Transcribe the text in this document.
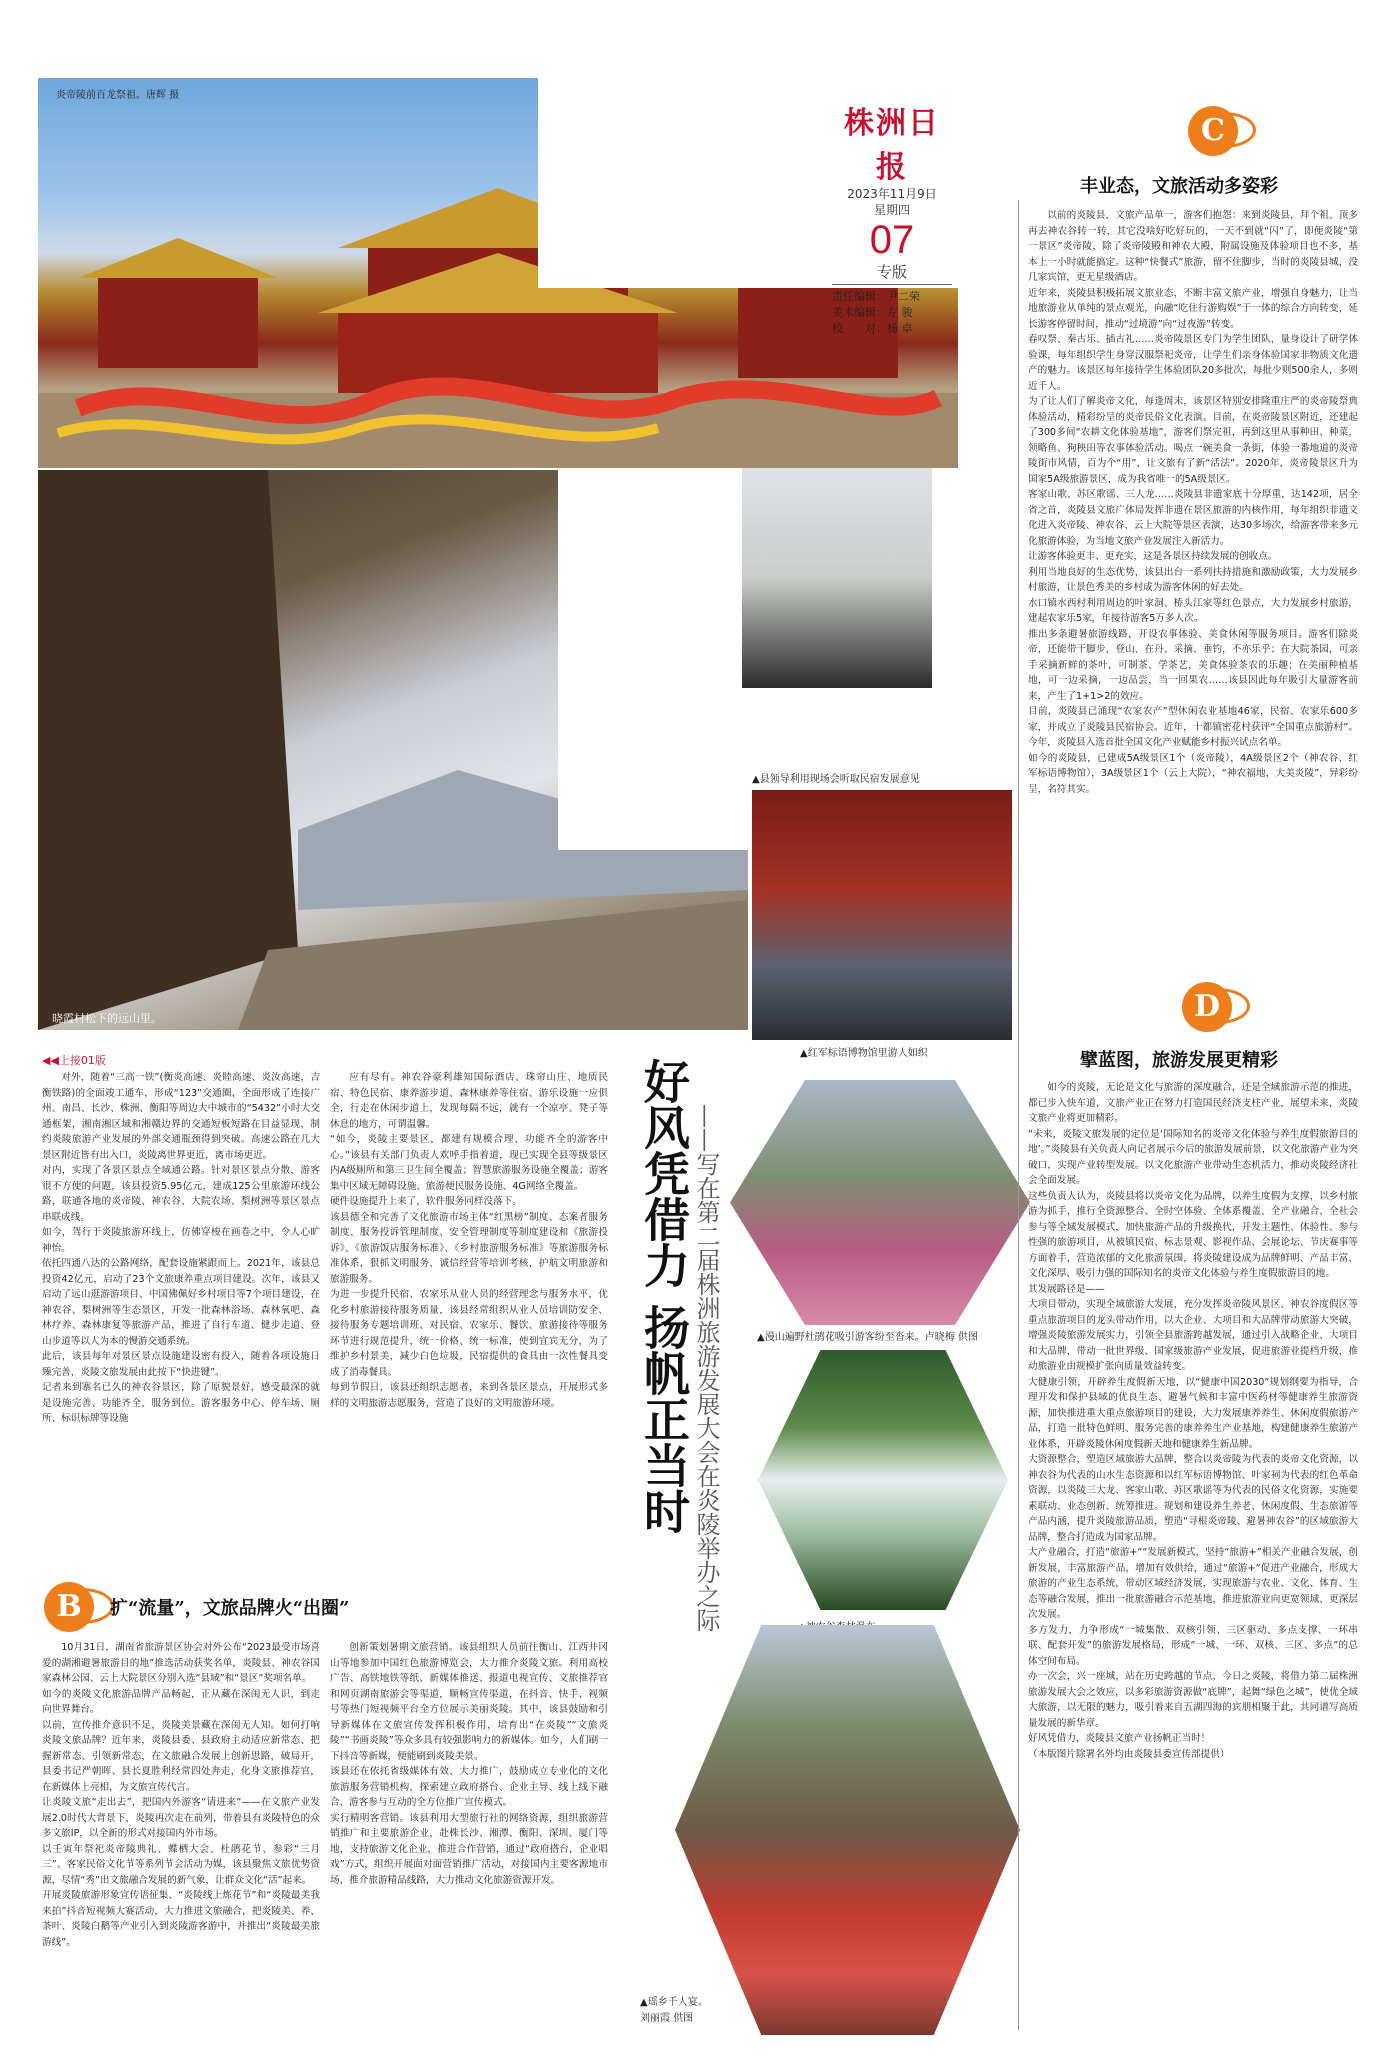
炎帝陵前百龙祭祖。唐辉 摄
株洲日报
2023年11月9日
星期四
07
专版
责任编辑：尹二荣
美术编辑：左 骏
校　　对：杨 卓
晓霞村松下的远山里。
▲县领导利用现场会听取民宿发展意见
▲红军标语博物馆里游人如织
▲漫山遍野杜鹃花吸引游客纷至沓来。卢晓梅 供图
▲瑶乡千人宴。
刘丽霞 供图
C
丰业态，文旅活动多姿彩
以前的炎陵县，文旅产品单一，游客们抱怨：来到炎陵县，拜个祖、顶多再去神农谷转一转，其它没啥好吃好玩的，一天不到就“闪”了，即便炎陵“第一景区”炎帝陵，除了炎帝陵殿和神农大殿，附属设施及体验项目也不多，基本上一小时就能搞定。这种“快餐式”旅游，留不住脚步，当时的炎陵县城，没几家宾馆，更无星级酒店。
近年来，炎陵县积极拓展文旅业态，不断丰富文旅产业，增强自身魅力，让当地旅游业从单纯的景点观光，向融“吃住行游购娱”于一体的综合方向转变，延长游客停留时间，推动“过境游”向“过夜游”转变。
春叹祭、秦古乐、插古礼……炎帝陵景区专门为学生团队，量身设计了研学体验课，每年组织学生身穿汉服祭祀炎帝，让学生们亲身体验国家非物质文化遗产的魅力。该景区每年接待学生体验团队20多批次，每批少则500余人，多则近千人。
为了让人们了解炎帝文化，每逢周末，该景区特别安排隆重庄严的炎帝陵祭典体验活动，精彩纷呈的炎帝民俗文化表演。目前，在炎帝陵景区附近，还建起了300多间“农耕文化体验基地”，游客们祭完祖，再到这里从事种田、种菜，领略鱼、狗秧田等农事体验活动。喝点一碗美食一条街，体验一番地道的炎帝陵街市风情，百为个“用”，让文旅有了新“活法”。2020年，炎帝陵景区升为国家5A级旅游景区，成为我省唯一的5A级景区。
客家山歌、苏区歌谣、三人龙……炎陵县非遗家底十分厚重，达142项，居全省之首，炎陵县文旅广体局发挥非遗在景区旅游的内核作用，每年组织非遗文化进入炎帝陵、神农谷、云上大院等景区表演，达30多场次，给游客带来多元化旅游体验，为当地文旅产业发展注入新活力。
让游客体验更丰、更充实，这是各景区持续发展的创收点。
利用当地良好的生态优势，该县出台一系列扶持措施和激励政策，大力发展乡村旅游，让景色秀美的乡村成为游客休闲的好去处。
水口镇水西村利用周边的叶家洞、桥头江家等红色景点，大力发展乡村旅游，建起农家乐5家，年接待游客5万多人次。
推出多条避暑旅游线路，开设农事体验、美食休闲等服务项目。游客们除炎帝，还能带干脚步，登山、在丹、采摘、垂钓，不亦乐乎；在大院茶园，可亲手采摘新鲜的茶叶，可制茶、学茶艺，美食体验茶农的乐趣；在美丽种植基地，可一边采摘，一边品尝，当一回果农……该县因此每年吸引大量游客前来，产生了1+1>2的效应。
目前，炎陵县已涌现“农家农产”型休闲农业基地46家，民宿、农家乐600多家，并成立了炎陵县民宿协会。近年，十都镇密花村获评“全国重点旅游村”。今年，炎陵县入选首批全国文化产业赋能乡村振兴试点名单。
如今的炎陵县，已建成5A级景区1个（炎帝陵），4A级景区2个（神农谷、红军标语博物馆），3A级景区1个（云上大院），“神农福地，大美炎陵”，异彩纷呈，名符其实。
D
擘蓝图，旅游发展更精彩
如今的炎陵，无论是文化与旅游的深度融合，还是全域旅游示范的推进，都已步入快车道，文旅产业正在努力打造国民经济支柱产业，展望未来，炎陵文旅产业将更加精彩。
“未来，炎陵文旅发展的定位是‘国际知名的炎帝文化体验与养生度假旅游目的地’。”炎陵县有关负责人向记者展示今后的旅游发展前景，以文化旅游产业为突破口，实现产业转型发展。以文化旅游产业带动生态机活力，推动炎陵经济社会全面发展。
这些负责人认为，炎陵县将以炎帝文化为品牌，以养生度假为支撑，以乡村旅游为抓手，推行全资源整合、全时空体验、全体系覆盖、全产业融合、全社会参与等全域发展模式，加快旅游产品的升级换代，开发主题性、体验性、参与性强的旅游项目，从被镇民宿、标志景观、影视作品、会展论坛、节庆赛事等方面着手，营造浓郁的文化旅游氛围，将炎陵建设成为品牌鲜明、产品丰富、文化深厚、吸引力强的国际知名的炎帝文化体验与养生度假旅游目的地。
其发展路径是——
大项目带动，实现全域旅游大发展，充分发挥炎帝陵风景区、神农谷度假区等重点旅游项目的龙头带动作用，以大企业、大项目和大品牌带动旅游大突破，增强炎陵旅游发展实力，引领全县旅游跨越发展，通过引入战略企业、大项目和大品牌，带动一批世界级、国家级旅游产业发展，促进旅游业提档升级，推动旅游业由规模扩张向质量效益转变。
大健康引领，开辟养生度假新天地，以“健康中国2030”规划纲要为指导，合理开发和保护县域的优良生态、避暑气候和丰富中医药材等健康养生旅游资源，加快推进重大重点旅游项目的建设，大力发展康养养生、休闲度假旅游产品，打造一批特色鲜明、服务完善的康养养生产业基地，构建健康养生旅游产业体系，开辟炎陵休闲度假新天地和健康养生新品牌。
大资源整合，塑造区域旅游大品牌，整合以炎帝陵为代表的炎帝文化资源，以神农谷为代表的山水生态资源和以红军标语博物馆、叶家祠为代表的红色革命资源，以炎陵三大龙、客家山歌、苏区歌谣等为代表的民俗文化资源，实施要素联动、业态创新、统筹推进。规划和建设养生养老、休闲度假、生态旅游等产品内涵，提升炎陵旅游品质，塑造“寻根炎帝陵、避暑神农谷”的区域旅游大品牌，整合打造成为国家品牌。
大产业融合，打造“旅游+”“发展新模式，坚持“旅游+”相关产业融合发展，创新发展，丰富旅游产品，增加有效供给，通过“旅游+”促进产业融合，形成大旅游的产业生态系统，带动区域经济发展，实现旅游与农业、文化、体育、生态等融合发展，推出一批旅游融合示范基地，推进旅游业向更宽领域、更深层次发展。
多方发力，力争形成“一城集散、双核引领、三区驱动、多点支撑、一环串联、配套开发”的旅游发展格局，形成“一城、一环、双核、三区、多点”的总体空间布局。
办一次会，兴一座城，站在历史跨越的节点，今日之炎陵，将借力第二届株洲旅游发展大会之效应，以多彩旅游资源做“底牌”，起舞“绿色之城”，使优全域大旅游，以无限的魅力，吸引着来自五湖四海的宾朋相聚于此，共同谱写高质量发展的新华章。
好风凭借力，炎陵县文旅产业扬帆正当时！
（本版图片除署名外均由炎陵县委宣传部提供）
好风凭借力 扬帆正当时 ——写在第二届株洲旅游发展大会在炎陵举办之际
◀◀上接01版
对外，随着“三高一铁”(衡炎高速、炎睦高速、炎汝高速，吉衡铁路)的全面竣工通车，形成“123”交通圈，全面形成了连接广州、南昌、长沙、株洲、衡阳等周边大中城市的“5432”小时大交通框架，湘南湘区域和湘赣边界的交通短板短路在目益显现，制约炎陵旅游产业发展的外部交通瓶颈得到突破。高速公路在几大景区附近皆有出入口，炎陵离世界更近，离市场更近。
对内，实现了各景区景点全域通公路。针对景区景点分散，游客很不方便的问题，该县投资5.95亿元，建成125公里旅游环线公路，联通各地的炎帝陵、神农谷、大院农场、梨树洲等景区景点串联成线。
如今，驾行于炎陵旅游环线上，仿佛穿梭在画卷之中，令人心旷神怡。
依托四通八达的公路网络，配套设施紧跟而上。2021年，该县总投资42亿元，启动了23个文旅康养重点项目建设。次年，该县又启动了远山逛游游项目、中国佛佩好乡村项目等7个项目建设，在神农谷、梨树洲等生态景区，开发一批森林浴场、森林氧吧、森林疗养、森林康复等旅游产品，推进了自行车道、健步走道、登山步道等以人为本的慢游交通系统。
此后，该县每年对景区景点设施建设密有投入，随着各项设施日臻完善，炎陵文旅发展由此按下“快进键”。
记者来到寨名已久的神农谷景区，除了原貌景好，感受最深的就是设施完善、功能齐全，服务到位。游客服务中心、停车场、厕所、标识标牌等设施
应有尽有。神农谷豪利雄知国际酒店、珠帘山庄、地质民宿、特色民宿、康养游步道、森林康养等住宿、游乐设施一应俱全，行走在休闲步道上，发现每隔不远，就有一个凉亭、凳子等休息的地方，可谓温馨。
“如今，炎陵主要景区，都建有规模合理、功能齐全的游客中心。”该县有关部门负责人欢呼手指着道，现已实现全县等级景区内A级厕所和第三卫生间全覆盖；智慧旅游服务设施全覆盖；游客集中区域无障碍设施、旅游便民服务设施、4G网络全覆盖。
硬件设施提升上来了，软件服务同样没落下。
该县德全和完善了文化旅游市场主体“红黑榜”制度、态案者服务制度、服务投诉管理制度、安全管理制度等制度建设和《旅游投诉》、《旅游饭店服务标准》、《乡村旅游服务标准》等旅游服务标准体系，狠抓文明服务、诚信经营等培训考核，护航文明旅游和旅游服务。
为进一步提升民宿、农家乐从业人员的经营理念与服务水平，优化乡村旅游接待服务质量，该县经常组织从业人员培训防安全、接待服务专题培训班、对民宿、农家乐、餐饮、旅游接待等服务环节进行规范提升，统一价格、统一标准，使到宜宾无分，为了维护乡村景美，减少白色垃圾，民宿提供的食具由一次性餐具变成了消毒餐具。
每到节假日，该县还组织志愿者，来到各景区景点，开展形式多样的文明旅游志愿服务，营造了良好的文明旅游环境。
B	扩“流量”，文旅品牌火“出圈”
10月31日，湖南省旅游景区协会对外公布“2023最受市场喜爱的湖湘避暑旅游目的地”推选活动获奖名单，炎陵县、神农谷国家森林公园、云上大院景区分别入选“县域”和“景区”奖项名单。
如今的炎陵文化旅游品牌产品畅起，正从藏在深闺无人识，到走向世界舞台。
以前，宣传推介意识不足，炎陵美景藏在深闺无人知。如何打响炎陵文旅品牌？近年来，炎陵县委、县政府主动适应新常态、把握新常态、引领新常态，在文旅融合发展上创新思路，破局开，县委书记严朝晖、县长夏胜利经常四处奔走，化身文旅推荐官，在新媒体上亮相，为文旅宣传代言。
让炎陵文旅“走出去”，把国内外游客“请进来”——在文旅产业发展2.0时代大背景下，炎陵再次走在前列，带着县有炎陵特色的众多文旅IP，以全新的形式对接国内外市场。
以壬寅年祭祀炎帝陵典礼、蝶栖大会、杜鹃花节、参彩“三月三”、客家民俗文化节等系列节会活动为媒，该县聚焦文旅优势资源，尽情“秀”出文旅融合发展的新气象，让群众文化“活”起来。
开展炎陵旅游形象宣传语征集、“炎陵线上炼花节”和“炎陵最美我来拍”抖音短视频大赛活动，大力推进文旅融合，把炎陵美、养、茶叶、炎陵白鹅等产业引入到炎陵游客游中，并推出“炎陵最美旅游线”。
创新策划暑期文旅营销。该县组织人员前往衡山、江西井冈山等地参加中国红色旅游博览会，大力推介炎陵文旅。利用高校广告、高铁地铁等纸、新媒体推送、报道电视宣传、文旅推荐官和网页湖南旅游会等渠道，顺畅宣传渠道，在抖音、快手、视频号等热门短视频平台全方位展示美丽炎陵。其中，该县鼓励和引导新媒体在文旅宣传发挥积极作用，培育出“在炎陵”“文旅炎陵”“书画炎陵”等众多具有较强影响力的新媒体。如今，人们刷一下抖音等新媒，便能刷到炎陵美景。
该县还在依托省级媒体有效、大力推广，鼓励成立专业化的文化旅游服务营销机构，探索建立政府搭台、企业主导、线上线下融合、游客参与互动的全方位推广宣传模式。
实行精明客营销。该县利用大型旅行社的网络资源，组织旅游营销推广和主要旅游企业，赴株长沙、湘潭、衡阳、深圳、厦门等地，支持旅游文化企业，推进合作营销，通过“政府搭台，企业唱戏”方式，组织开展面对面营销推广活动，对接国内主要客源地市场，推介旅游精品线路，大力推动文化旅游资源开发。
